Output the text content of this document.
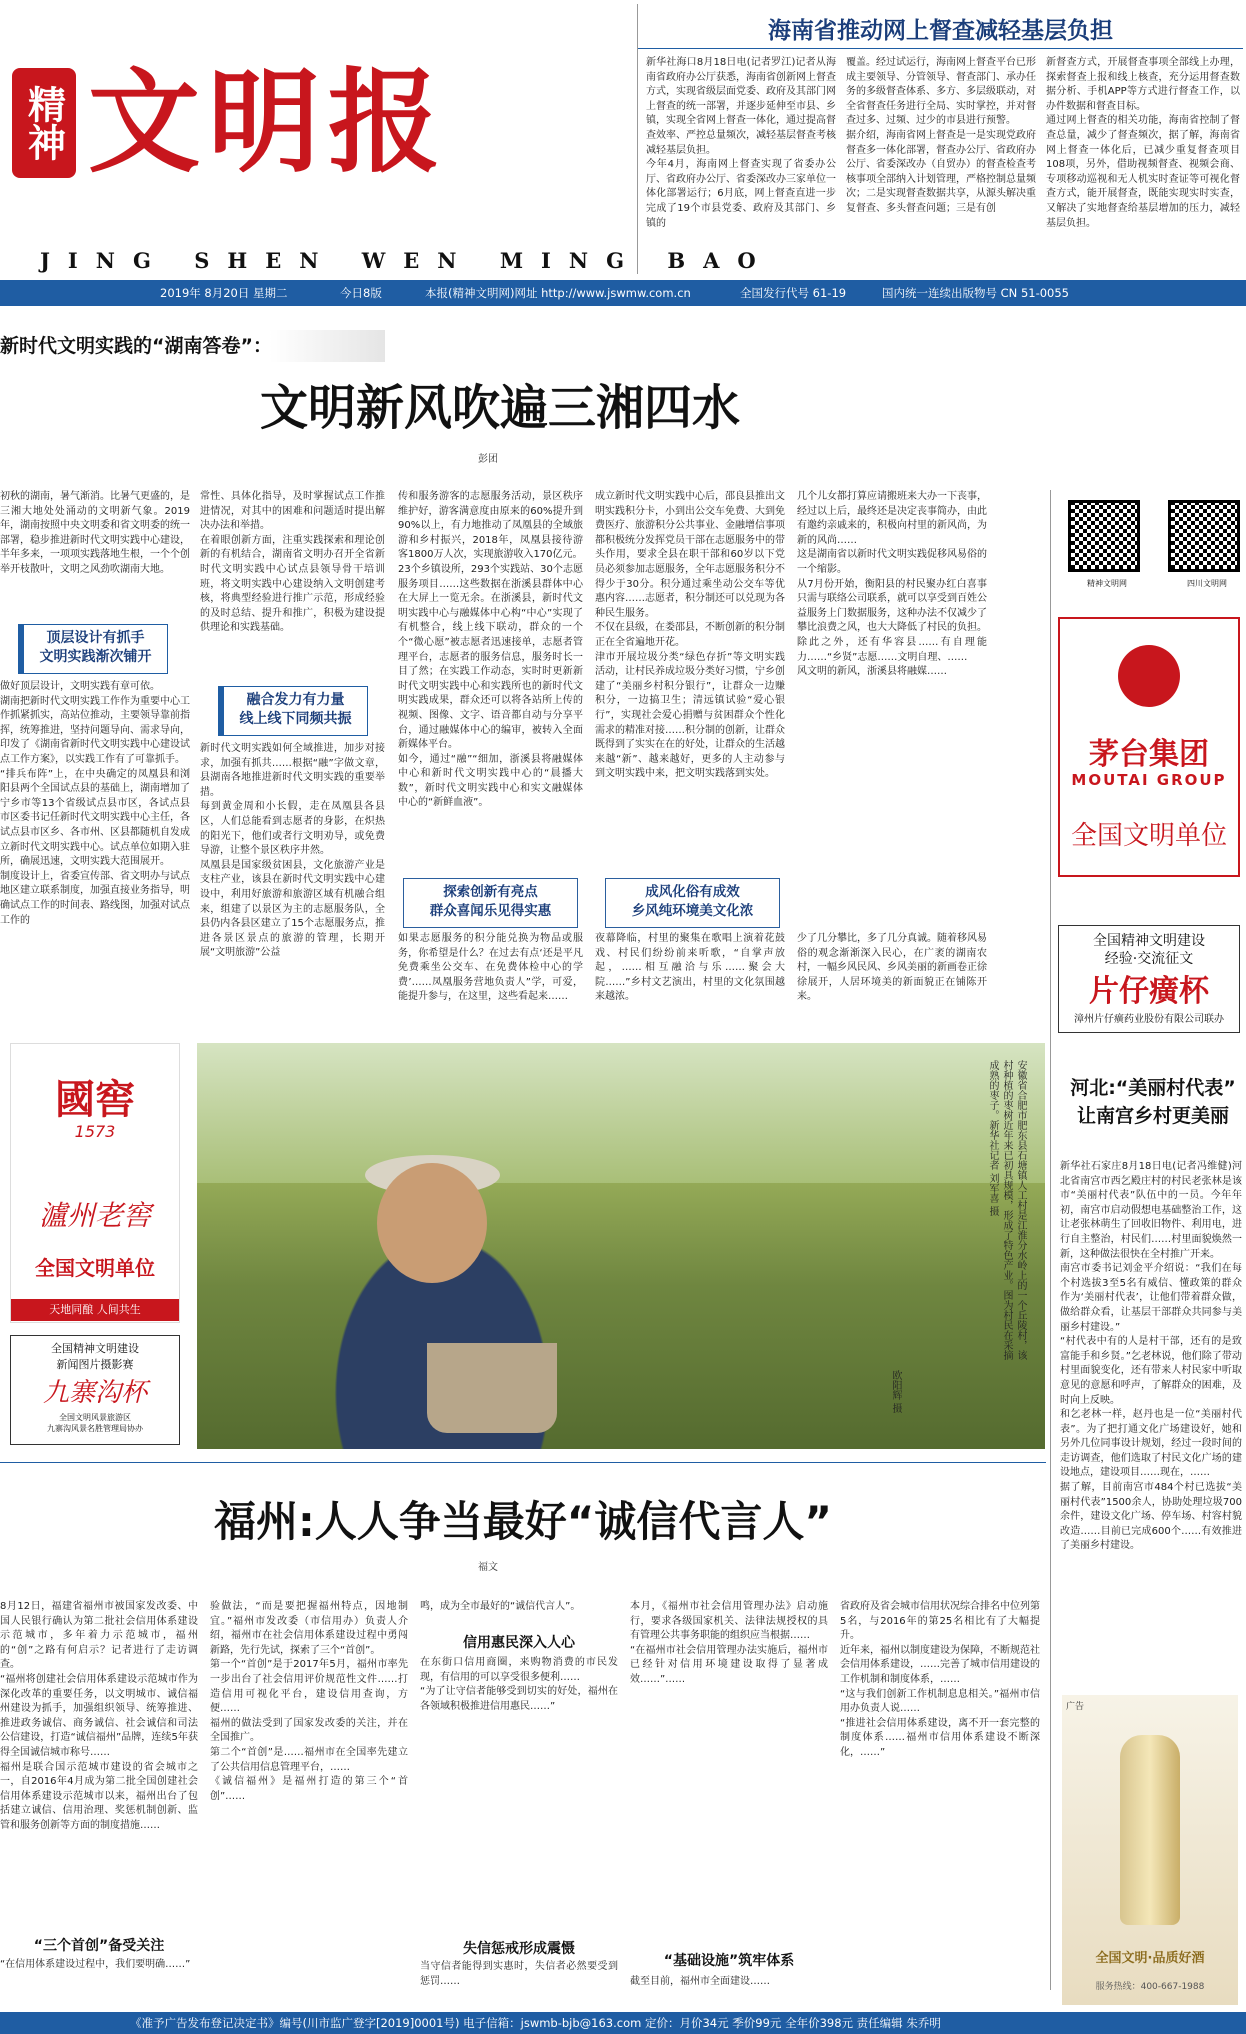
精神 文明报
JING SHEN WEN MING BAO
海南省推动网上督查减轻基层负担
新华社海口8月18日电(记者罗江)记者从海南省政府办公厅获悉，海南省创新网上督查方式，实现省级层面党委、政府及其部门网上督查的统一部署，并逐步延伸至市县、乡镇，实现全省网上督查一体化，通过提高督查效率、严控总量频次，减轻基层督查考核减轻基层负担。
今年4月，海南网上督查实现了省委办公厅、省政府办公厅、省委深改办三家单位一体化部署运行；6月底，网上督查直进一步完成了19个市县党委、政府及其部门、乡镇的
覆盖。经过试运行，海南网上督查平台已形成主要领导、分管领导、督查部门、承办任务的多级督查体系、多方、多层级联动，对全省督查任务进行全局、实时掌控，并对督查过多、过频、过少的市县进行预警。
据介绍，海南省网上督查是一是实现党政府督查多一体化部署，督查办公厅、省政府办公厅、省委深改办（自贸办）的督查检查考核事项全部纳入计划管理，严格控制总量频次；二是实现督查数据共享，从源头解决重复督查、多头督查问题；三是有创
新督查方式，开展督查事项全部线上办理，探索督查上报和线上核查，充分运用督查数据分析、手机APP等方式进行督查工作，以办件数据和督查目标。
通过网上督查的相关功能，海南省控制了督查总量，减少了督查频次，据了解，海南省网上督查一体化后，已减少重复督查项目108项，另外，借助视频督查、视频会商、专项移动巡视和无人机实时查证等可视化督查方式，能开展督查，既能实现实时实查，又解决了实地督查给基层增加的压力，减轻基层负担。
2019年 8月20日 星期二	今日8版	本报(精神文明网)网址 http://www.jswmw.com.cn	全国发行代号 61-19	国内统一连续出版物号 CN 51-0055
新时代文明实践的“湖南答卷”：
文明新风吹遍三湘四水
彭团
初秋的湖南，暑气渐消。比暑气更盛的，是三湘大地处处涌动的文明新气象。2019年，湖南按照中央文明委和省文明委的统一部署，稳步推进新时代文明实践中心建设，半年多来，一项项实践落地生根，一个个创举开枝散叶，文明之风劲吹湖南大地。
顶层设计有抓手
文明实践渐次铺开
做好顶层设计，文明实践有章可依。
湖南把新时代文明实践工作作为重要中心工作抓紧抓实，高站位推动，主要领导靠前指挥，统筹推进，坚持问题导向、需求导向，印发了《湖南省新时代文明实践中心建设试点工作方案》，以实践工作有了可靠抓手。
“排兵布阵”上，在中央确定的凤凰县和浏阳县两个全国试点县的基础上，湖南增加了宁乡市等13个省级试点县市区，各试点县市区委书记任新时代文明实践中心主任，各试点县市区乡、各市州、区县都随机自发成立新时代文明实践中心。试点单位如期入驻所，确展迅速，文明实践大范围展开。
制度设计上，省委宣传部、省文明办与试点地区建立联系制度，加强直接业务指导，明确试点工作的时间表、路线图，加强对试点工作的
常性、具体化指导，及时掌握试点工作推进情况，对其中的困难和问题适时提出解决办法和举措。
在着眼创新方面，注重实践探索和理论创新的有机结合，湖南省文明办召开全省新时代文明实践中心试点县领导骨干培训班，将文明实践中心建设纳入文明创建考核，将典型经验进行推广示范，形成经验的及时总结、提升和推广，积极为建设提供理论和实践基础。
融合发力有力量
线上线下同频共振
新时代文明实践如何全域推进，加步对接求，加强有抓共……根据“融”字做文章，县湖南各地推进新时代文明实践的重要举措。
每到黄金周和小长假，走在凤凰县各县区，人们总能看到志愿者的身影，在炽热的阳光下，他们或者行文明劝导，或免费导游，让整个景区秩序井然。
凤凰县是国家级贫困县，文化旅游产业是支柱产业，该县在新时代文明实践中心建设中，利用好旅游和旅游区域有机融合组来，组建了以景区为主的志愿服务队，全县仍内各县区建立了15个志愿服务点，推进各景区景点的旅游的管理，长期开展“文明旅游”公益
传和服务游客的志愿服务活动，景区秩序维护好，游客满意度由原来的60%提升到90%以上，有力地推动了凤凰县的全域旅游和乡村振兴，2018年，凤凰县接待游客1800万人次，实现旅游收入170亿元。
23个乡镇设所，293个实践站、30个志愿服务项目……这些数据在浙溪县群体中心在大屏上一览无余。在浙溪县，新时代文明实践中心与融媒体中心构“中心”实现了有机整合，线上线下联动，群众的一个个“微心愿”被志愿者迅速接单，志愿者管理平台，志愿者的服务信息，服务时长一目了然；在实践工作动态，实时时更新新时代文明实践中心和实践所也的新时代文明实践成果，群众还可以将各站所上传的视频、图像、文字、语音都自动与分享平台，通过融媒体中心的编审，被转入全面新媒体平台。
如今，通过“融”“细加，浙溪县将融媒体中心和新时代文明实践中心的“晨播大数”，新时代文明实践中心和实文融媒体中心的“新鲜血液”。
探索创新有亮点
群众喜闻乐见得实惠
如果志愿服务的积分能兑换为物品或服务，你希望是什么？在过去有点‘还是平凡免费乘坐公交车、在免费体检中心的学费’……凤凰服务营地负责人”学，可爱，能提升参与，在这里，这些看起来……
成立新时代文明实践中心后，邵良县推出文明实践积分卡，小到出公交车免费、大到免费医疗、旅游积分公共事业、金融增信事项都积极统分发挥党员干部在志愿服务中的带头作用，要求全县在职干部和60岁以下党员必须参加志愿服务，全年志愿服务积分不得少于30分。积分通过乘坐动公交车等优惠内容……志愿者，积分制还可以兑现为各种民生服务。
不仅在县级，在娄邵县，不断创新的积分制正在全省遍地开花。
津市开展垃圾分类“绿色存折”等文明实践活动，让村民养成垃圾分类好习惯，宁乡创建了“美丽乡村积分银行”，让群众一边赚积分，一边搞卫生；清远镇试验“爱心银行”，实现社会爱心捐赠与贫困群众个性化需求的精准对接……积分制的创新，让群众既得到了实实在在的好处，让群众的生活越来越“新”、越来越好，更多的人主动参与到文明实践中来，把文明实践落到实处。
成风化俗有成效
乡风纯环境美文化浓
夜幕降临，村里的聚集在歌唱上演着花鼓戏、村民们纷纷前来听歌，“自掌声放起，……相互融洽与乐……聚会大院……”乡村文艺演出，村里的文化氛围越来越浓。
几个儿女都打算应请搬班来大办一下丧事，经过以上后，最终还是决定丧事简办，由此有邀约亲戚来的，积极向村里的新风尚，为新的风尚……
这是湖南省以新时代文明实践促移风易俗的一个缩影。
从7月份开始，衡阳县的村民聚办红白喜事只需与联络公司联系，就可以享受到百姓公益服务上门数据服务，这种办法不仅减少了攀比浪费之风，也大大降低了村民的负担。除此之外，还有华容县……有自理能力……“乡贤”志愿……文明自理、……
风文明的新风，浙溪县将融媒……
少了几分攀比，多了几分真诚。随着移风易俗的观念渐渐深入民心，在广袤的湖南农村，一幅乡风民风、乡风美丽的新画卷正徐徐展开，人居环境美的新面貌正在铺陈开来。
精神文明网	四川文明网
茅台集团
MOUTAI GROUP
全国文明单位
全国精神文明建设
经验·交流征文
片仔癀杯
漳州片仔癀药业股份有限公司联办
河北:“美丽村代表”
让南宫乡村更美丽
新华社石家庄8月18日电(记者冯维健)河北省南宫市西乞殿庄村的村民老张林是该市“美丽村代表”队伍中的一员。今年年初，南宫市启动假想电基础整治工作，这让老张林萌生了回收旧物件、利用电，进行自主整治，村民们……村里面貌焕然一新，这种做法很快在全村推广开来。
南宫市委书记刘金平介绍说：“我们在每个村选拔3至5名有威信、懂政策的群众作为‘美丽村代表’，让他们带着群众做，做给群众看，让基层干部群众共同参与美丽乡村建设。”
“村代表中有的人是村干部，还有的是致富能手和乡贤。”乞老林说，他们除了带动村里面貌变化，还有带来人村民家中听取意见的意愿和呼声，了解群众的困难，及时向上反映。
和乞老林一样，赵丹也是一位“美丽村代表”。为了把打通文化广场建设好，她和另外几位同事设计规划，经过一段时间的走访调查，他们选取了村民文化广场的建设地点，建设项目……现在，……
据了解，目前南宫市484个村已选拔“美丽村代表”1500余人，协助处理垃圾700余件，建设文化广场、停车场、村容村貌改造……目前已完成600个……有效推进了美丽乡村建设。
广告
全国文明·品质好酒
服务热线：400-667-1988
國窖
1573
瀘州老窖
全国文明单位
天地同酿 人间共生
全国精神文明建设
新闻图片摄影赛
九寨沟杯
全国文明风景旅游区
九寨沟风景名胜管理局协办
安徽省合肥市肥东县石塘镇人工村是江淮分水岭上的一个丘陵村，该村种植的枣树近年来已初具规模，形成了特色产业。图为村民在采摘成熟的枣子。新华社记者 刘军喜 摄
欧阳辉 摄
福州:人人争当最好“诚信代言人”
福文
8月12日，福建省福州市被国家发改委、中国人民银行确认为第二批社会信用体系建设示范城市，多年着力示范城市，福州的“创”之路有何启示？记者进行了走访调查。
“福州将创建社会信用体系建设示范城市作为深化改革的重要任务，以文明城市、诚信福州建设为抓手，加强组织领导、统筹推进、推进政务诚信、商务诚信、社会诚信和司法公信建设，打造“诚信福州”品牌，连续5年获得全国诚信城市称号……
福州是联合国示范城市建设的省会城市之一，自2016年4月成为第二批全国创建社会信用体系建设示范城市以来，福州出台了包括建立诚信、信用治理、奖惩机制创新、监管和服务创新等方面的制度措施……
“三个首创”备受关注
“在信用体系建设过程中，我们要明确……”
验做法，“而是要把握福州特点，因地制宜。”福州市发改委（市信用办）负责人介绍，福州市在社会信用体系建设过程中勇闯新路，先行先试，探索了三个“首创”。
第一个“首创”是于2017年5月，福州市率先一步出台了社会信用评价规范性文件……打造信用可视化平台，建设信用查询，方便……
福州的做法受到了国家发改委的关注，并在全国推广。
第二个“首创”是……福州市在全国率先建立了公共信用信息管理平台，……
《诚信福州》是福州打造的第三个“首创”……
鸣，成为全市最好的“诚信代言人”。
信用惠民深入人心
在东街口信用商圈，来购物消费的市民发现，有信用的可以享受很多便利……
“为了让守信者能够受到切实的好处，福州在各领域积极推进信用惠民……”
失信惩戒形成震慑
当守信者能得到实惠时，失信者必然要受到惩罚……
本月，《福州市社会信用管理办法》启动施行，要求各级国家机关、法律法规授权的具有管理公共事务职能的组织应当根据……
“在福州市社会信用管理办法实施后，福州市已经针对信用环境建设取得了显著成效……”……
“基础设施”筑牢体系
截至目前，福州市全面建设……
省政府及省会城市信用状况综合排名中位列第5名，与2016年的第25名相比有了大幅提升。
近年来，福州以制度建设为保障，不断规范社会信用体系建设，……完善了城市信用建设的工作机制和制度体系，……
“这与我们创新工作机制息息相关。”福州市信用办负责人说……
“推进社会信用体系建设，离不开一套完整的制度体系……福州市信用体系建设不断深化，……”
《准予广告发布登记决定书》编号(川市监广登字[2019]0001号) 电子信箱：jswmb-bjb@163.com 定价：月价34元 季价99元 全年价398元 责任编辑 朱乔明
